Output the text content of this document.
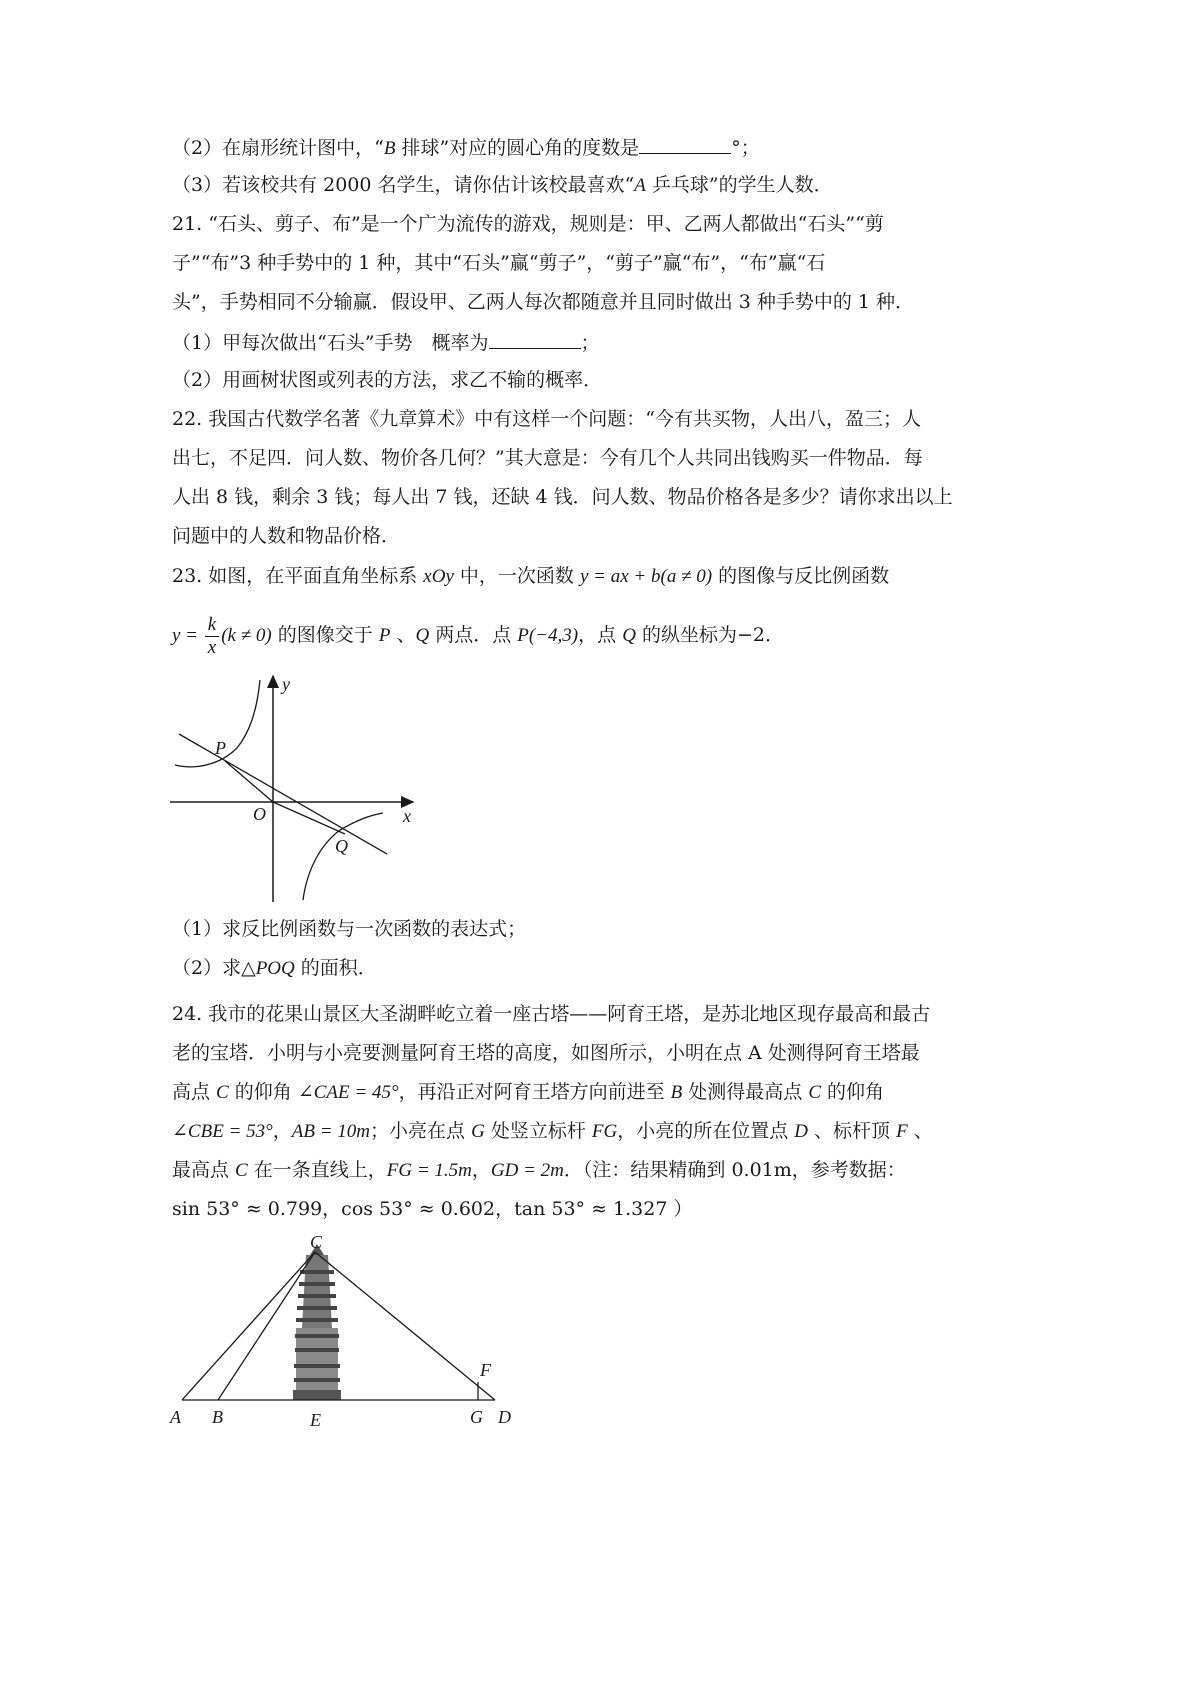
（2）在扇形统计图中，“B 排球”对应的圆心角的度数是	°；
（3）若该校共有 2000 名学生，请你估计该校最喜欢“A 乒乓球”的学生人数．
21. “石头、剪子、布”是一个广为流传的游戏，规则是：甲、乙两人都做出“石头”“剪
子”“布”3 种手势中的 1 种，其中“石头”赢“剪子”，“剪子”赢“布”，“布”赢“石
头”，手势相同不分输赢．假设甲、乙两人每次都随意并且同时做出 3 种手势中的 1 种．
（1）甲每次做出“石头”手势　概率为	；
（2）用画树状图或列表的方法，求乙不输的概率．
22. 我国古代数学名著《九章算术》中有这样一个问题：“今有共买物，人出八，盈三；人
出七，不足四．问人数、物价各几何？”其大意是：今有几个人共同出钱购买一件物品．每
人出 8 钱，剩余 3 钱；每人出 7 钱，还缺 4 钱．问人数、物品价格各是多少？请你求出以上
问题中的人数和物品价格．
23. 如图，在平面直角坐标系 xOy 中，一次函数 y = ax + b(a ≠ 0) 的图像与反比例函数
$y = \frac{k}{x} (k \ne 0)$ 的图像交于 P 、Q 两点．点 P(−4,3)，点 Q 的纵坐标为−2．
y
x
O
P
Q
（1）求反比例函数与一次函数的表达式；
（2）求△POQ 的面积．
24. 我市的花果山景区大圣湖畔屹立着一座古塔——阿育王塔，是苏北地区现存最高和最古
老的宝塔．小明与小亮要测量阿育王塔的高度，如图所示，小明在点 A 处测得阿育王塔最
高点 C 的仰角 ∠CAE = 45°，再沿正对阿育王塔方向前进至 B 处测得最高点 C 的仰角
∠CBE = 53°，AB = 10m；小亮在点 G 处竖立标杆 FG，小亮的所在位置点 D 、标杆顶 F 、
最高点 C 在一条直线上，FG = 1.5m，GD = 2m．（注：结果精确到 0.01m，参考数据：
sin 53° ≈ 0.799，cos 53° ≈ 0.602，tan 53° ≈ 1.327 ）
C
F
A B	E	G D
